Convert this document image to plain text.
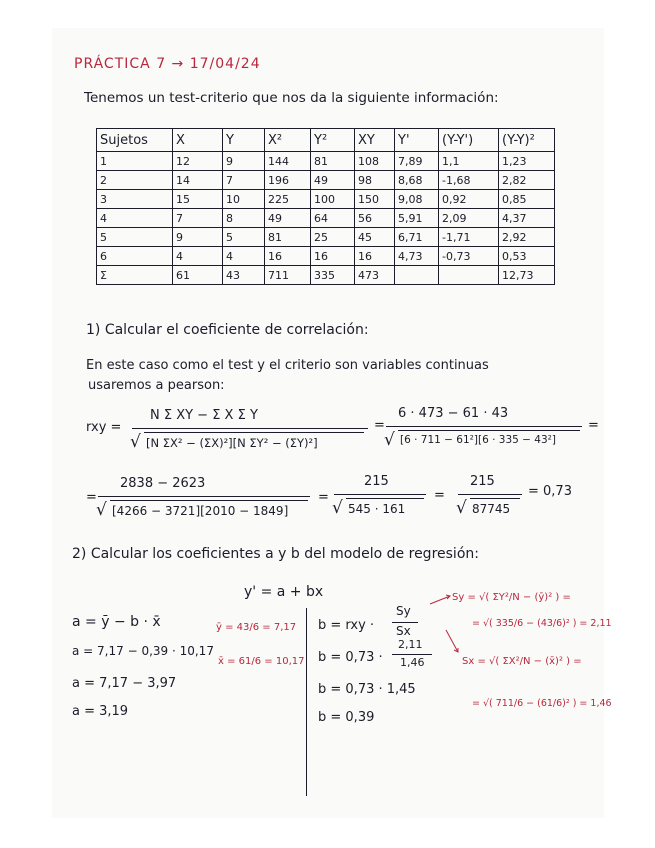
PRÁCTICA 7 → 17/04/24
Tenemos un test-criterio que nos da la siguiente información:
Sujetos	X	Y	X²	Y²	XY	Y'	(Y-Y')	(Y-Y)²
1	12	9	144	81	108	7,89	1,1	1,23
2	14	7	196	49	98	8,68	-1,68	2,82
3	15	10	225	100	150	9,08	0,92	0,85
4	7	8	49	64	56	5,91	2,09	4,37
5	9	5	81	25	45	6,71	-1,71	2,92
6	4	4	16	16	16	4,73	-0,73	0,53
Σ	61	43	711	335	473			12,73
1) Calcular el coeficiente de correlación:
En este caso como el test y el criterio son variables continuas
usaremos a pearson:
rxy =
N Σ XY − Σ X Σ Y
√ [N ΣX² − (ΣX)²][N ΣY² − (ΣY)²]
=
6 · 473 − 61 · 43
√ [6 · 711 − 61²][6 · 335 − 43²]
=
=
2838 − 2623
√ [4266 − 3721][2010 − 1849]
=
215
√ 545 · 161
=
215
√ 87745
= 0,73
2) Calcular los coeficientes a y b del modelo de regresión:
y' = a + bx
a = ȳ − b · x̄
a = 7,17 − 0,39 · 10,17
a = 7,17 − 3,97
a = 3,19
ȳ = 43/6 = 7,17
x̄ = 61/6 = 10,17
b = rxy ·
Sy
Sx
b = 0,73 ·
2,11
1,46
b = 0,73 · 1,45
b = 0,39
Sy = √( ΣY²/N − (ȳ)² ) =
= √( 335/6 − (43/6)² ) = 2,11
Sx = √( ΣX²/N − (x̄)² ) =
= √( 711/6 − (61/6)² ) = 1,46
